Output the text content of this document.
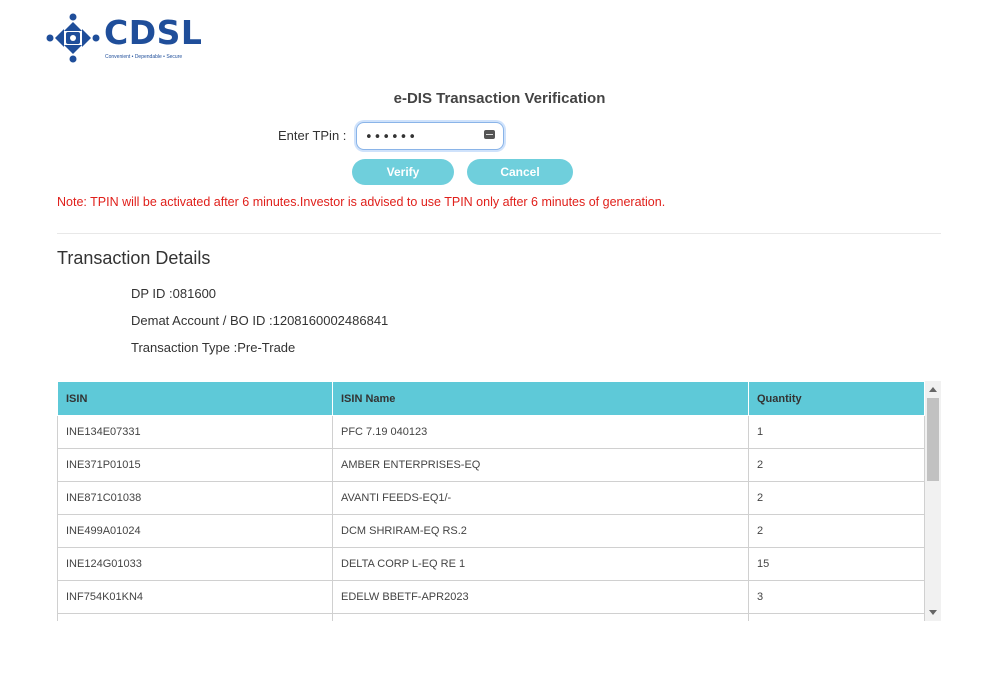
CDSL
Convenient • Dependable • Secure
e-DIS Transaction Verification
Enter TPin :
••••••
Verify	Cancel
Note: TPIN will be activated after 6 minutes.Investor is advised to use TPIN only after 6 minutes of generation.
Transaction Details
DP ID :081600
Demat Account / BO ID :1208160002486841
Transaction Type :Pre-Trade
ISIN	ISIN Name	Quantity
INE134E07331	PFC 7.19 040123	1
INE371P01015	AMBER ENTERPRISES-EQ	2
INE871C01038	AVANTI FEEDS-EQ1/-	2
INE499A01024	DCM SHRIRAM-EQ RS.2	2
INE124G01033	DELTA CORP L-EQ RE 1	15
INF754K01KN4	EDELW BBETF-APR2023	3
